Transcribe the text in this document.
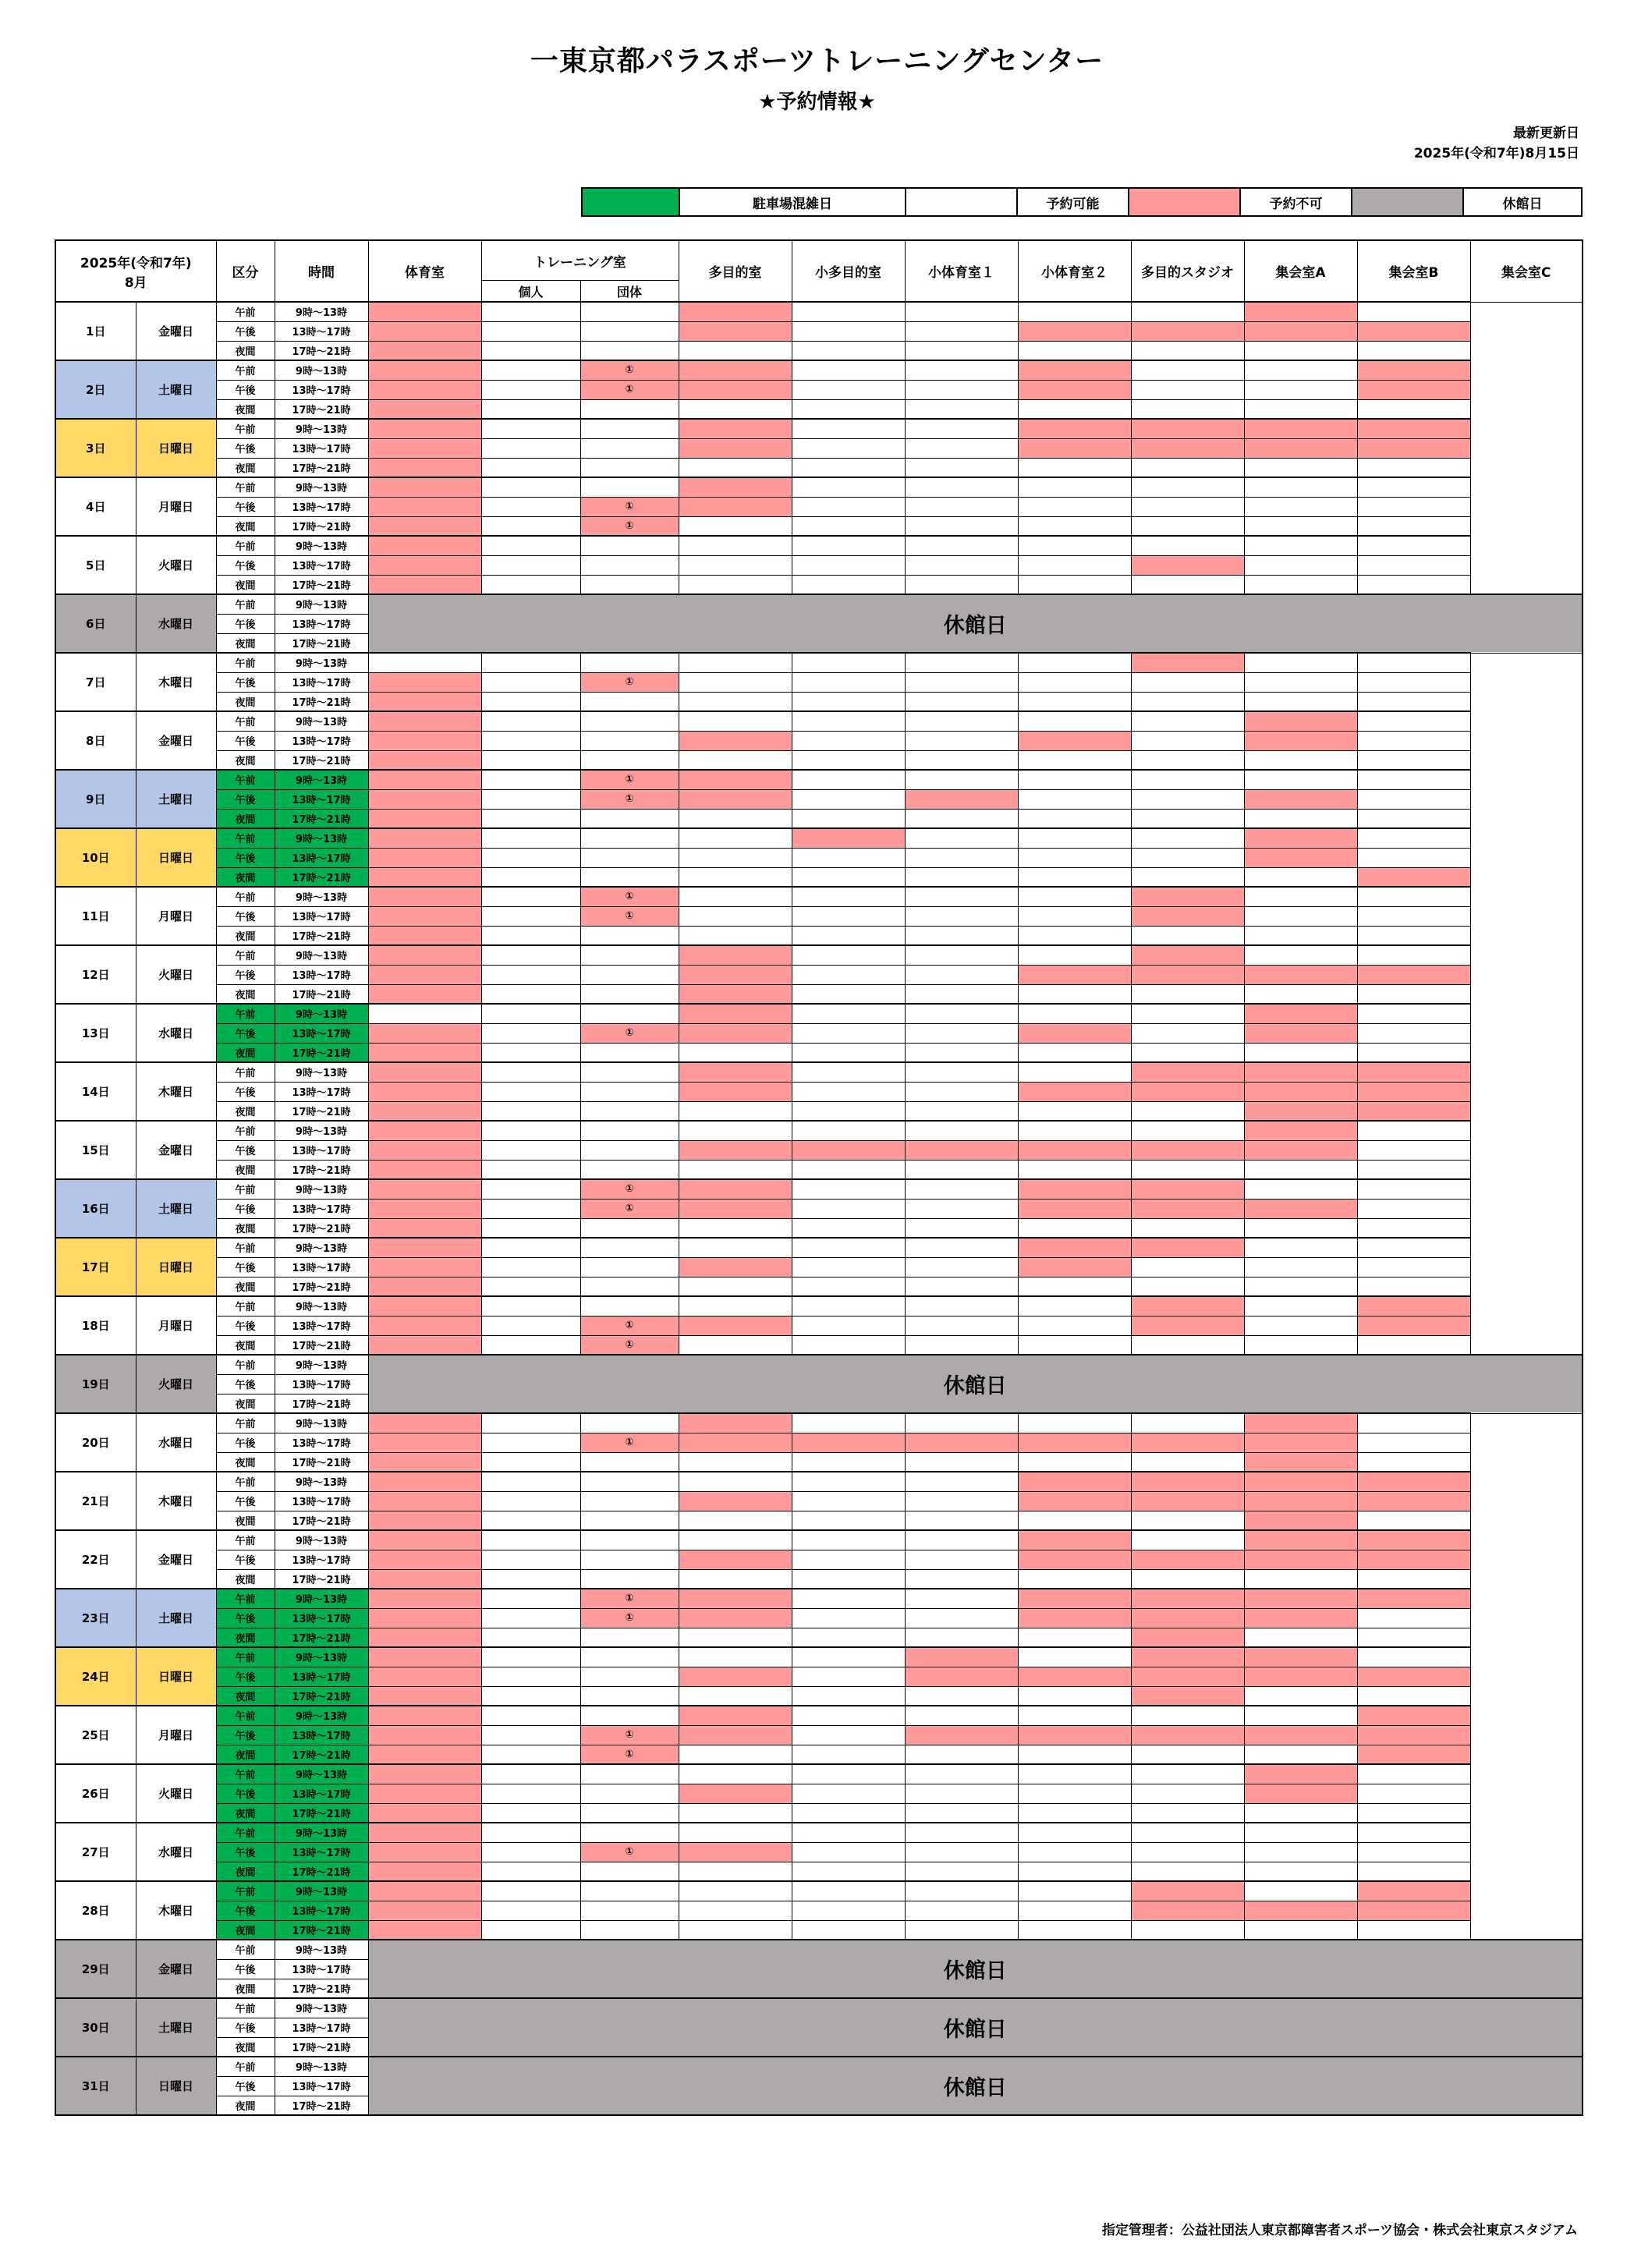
一東京都パラスポーツトレーニングセンター
★予約情報★
最新更新日
2025年(令和7年)8月15日
	駐車場混雑日		予約可能		予約不可		休館日
2025年(令和7年)
8月		区分	時間	体育室	トレーニング室		多目的室	小多目的室	小体育室１	小体育室２	多目的スタジオ	集会室A	集会室B	集会室C
					個人	団体								
1日	金曜日	午前	9時～13時											
		午後	13時～17時											
		夜間	17時～21時											
2日	土曜日	午前	9時～13時			①								
		午後	13時～17時			①								
		夜間	17時～21時											
3日	日曜日	午前	9時～13時											
		午後	13時～17時											
		夜間	17時～21時											
4日	月曜日	午前	9時～13時											
		午後	13時～17時			①								
		夜間	17時～21時			①								
5日	火曜日	午前	9時～13時											
		午後	13時～17時											
		夜間	17時～21時											
6日	水曜日	午前	9時～13時	休館日										
		午後	13時～17時											
		夜間	17時～21時											
7日	木曜日	午前	9時～13時											
		午後	13時～17時			①								
		夜間	17時～21時											
8日	金曜日	午前	9時～13時											
		午後	13時～17時											
		夜間	17時～21時											
9日	土曜日	午前	9時～13時			①								
		午後	13時～17時			①								
		夜間	17時～21時											
10日	日曜日	午前	9時～13時											
		午後	13時～17時											
		夜間	17時～21時											
11日	月曜日	午前	9時～13時			①								
		午後	13時～17時			①								
		夜間	17時～21時											
12日	火曜日	午前	9時～13時											
		午後	13時～17時											
		夜間	17時～21時											
13日	水曜日	午前	9時～13時											
		午後	13時～17時			①								
		夜間	17時～21時											
14日	木曜日	午前	9時～13時											
		午後	13時～17時											
		夜間	17時～21時											
15日	金曜日	午前	9時～13時											
		午後	13時～17時											
		夜間	17時～21時											
16日	土曜日	午前	9時～13時			①								
		午後	13時～17時			①								
		夜間	17時～21時											
17日	日曜日	午前	9時～13時											
		午後	13時～17時											
		夜間	17時～21時											
18日	月曜日	午前	9時～13時											
		午後	13時～17時			①								
		夜間	17時～21時			①								
19日	火曜日	午前	9時～13時	休館日										
		午後	13時～17時											
		夜間	17時～21時											
20日	水曜日	午前	9時～13時											
		午後	13時～17時			①								
		夜間	17時～21時											
21日	木曜日	午前	9時～13時											
		午後	13時～17時											
		夜間	17時～21時											
22日	金曜日	午前	9時～13時											
		午後	13時～17時											
		夜間	17時～21時											
23日	土曜日	午前	9時～13時			①								
		午後	13時～17時			①								
		夜間	17時～21時											
24日	日曜日	午前	9時～13時											
		午後	13時～17時											
		夜間	17時～21時											
25日	月曜日	午前	9時～13時											
		午後	13時～17時			①								
		夜間	17時～21時			①								
26日	火曜日	午前	9時～13時											
		午後	13時～17時											
		夜間	17時～21時											
27日	水曜日	午前	9時～13時											
		午後	13時～17時			①								
		夜間	17時～21時											
28日	木曜日	午前	9時～13時											
		午後	13時～17時											
		夜間	17時～21時											
29日	金曜日	午前	9時～13時	休館日										
		午後	13時～17時											
		夜間	17時～21時											
30日	土曜日	午前	9時～13時	休館日										
		午後	13時～17時											
		夜間	17時～21時											
31日	日曜日	午前	9時～13時	休館日										
		午後	13時～17時											
		夜間	17時～21時											
指定管理者：公益社団法人東京都障害者スポーツ協会・株式会社東京スタジアム
